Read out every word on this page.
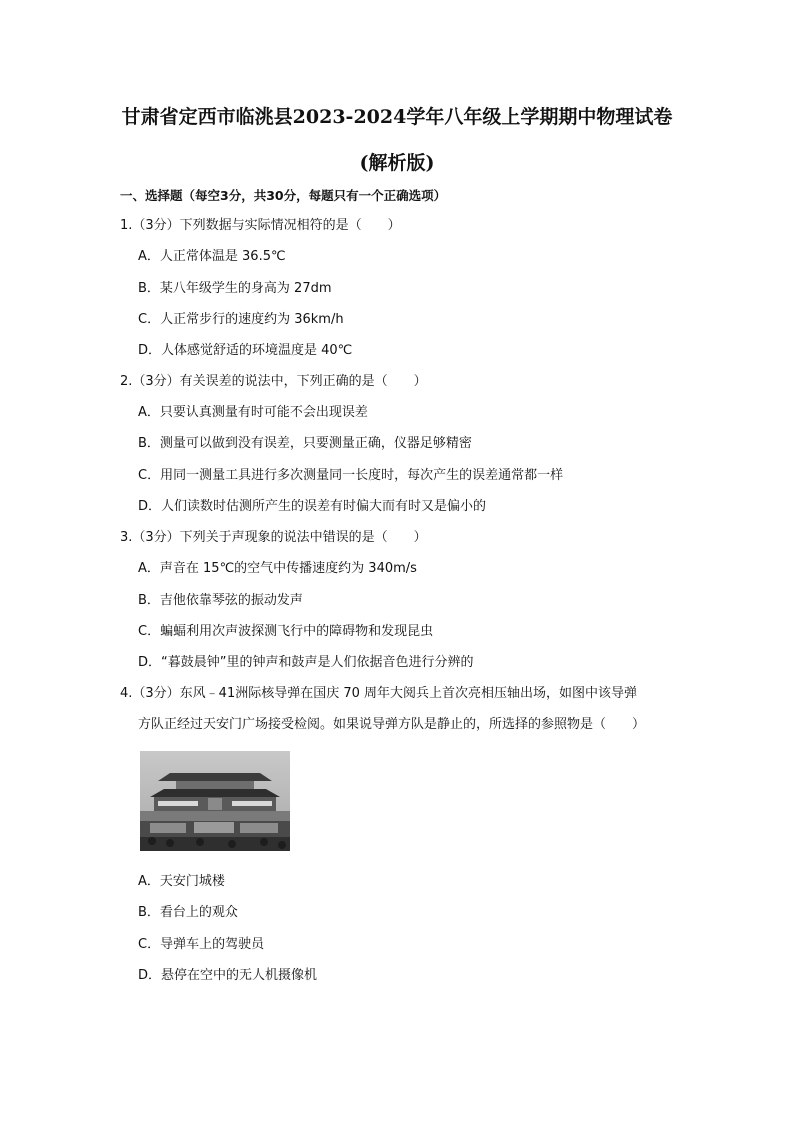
甘肃省定西市临洮县2023-2024学年八年级上学期期中物理试卷
(解析版)
一、选择题（每空3分，共30分，每题只有一个正确选项）
1.（3分）下列数据与实际情况相符的是（　　）
A．人正常体温是 36.5℃
B．某八年级学生的身高为 27dm
C．人正常步行的速度约为 36km/h
D．人体感觉舒适的环境温度是 40℃
2.（3分）有关误差的说法中，下列正确的是（　　）
A．只要认真测量有时可能不会出现误差
B．测量可以做到没有误差，只要测量正确，仪器足够精密
C．用同一测量工具进行多次测量同一长度时，每次产生的误差通常都一样
D．人们读数时估测所产生的误差有时偏大而有时又是偏小的
3.（3分）下列关于声现象的说法中错误的是（　　）
A．声音在 15℃的空气中传播速度约为 340m/s
B．吉他依靠琴弦的振动发声
C．蝙蝠利用次声波探测飞行中的障碍物和发现昆虫
D．“暮鼓晨钟”里的钟声和鼓声是人们依据音色进行分辨的
4.（3分）东风﹣41洲际核导弹在国庆 70 周年大阅兵上首次亮相压轴出场，如图中该导弹
方队正经过天安门广场接受检阅。如果说导弹方队是静止的，所选择的参照物是（　　）
A．天安门城楼
B．看台上的观众
C．导弹车上的驾驶员
D．悬停在空中的无人机摄像机
